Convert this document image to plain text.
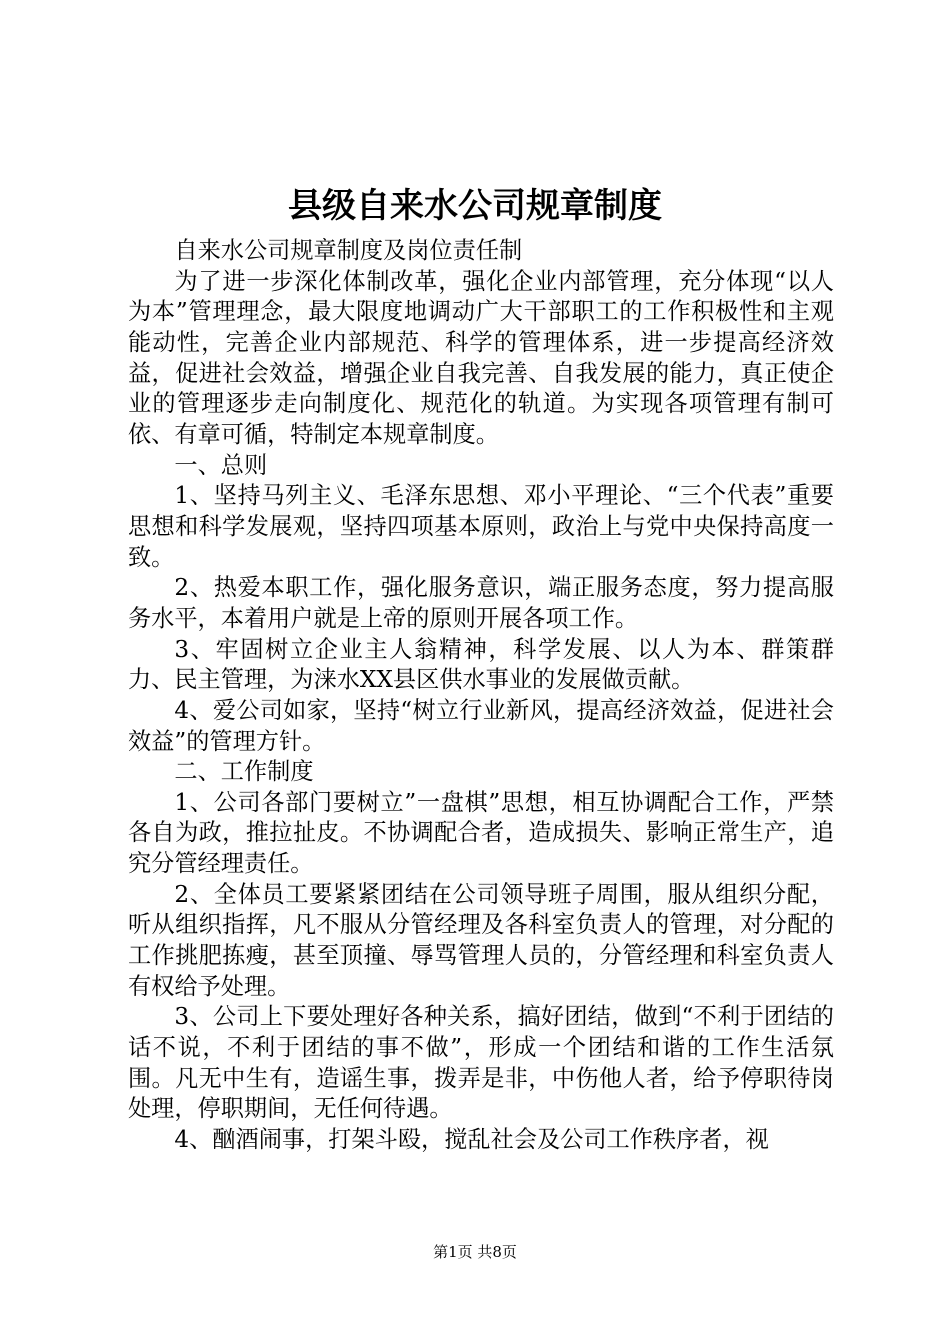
县级自来水公司规章制度

自来水公司规章制度及岗位责任制

为了进一步深化体制改革，强化企业内部管理，充分体现“以人为本”管理理念，最大限度地调动广大干部职工的工作积极性和主观能动性，完善企业内部规范、科学的管理体系，进一步提高经济效益，促进社会效益，增强企业自我完善、自我发展的能力，真正使企业的管理逐步走向制度化、规范化的轨道。为实现各项管理有制可依、有章可循，特制定本规章制度。

一、总则

1、坚持马列主义、毛泽东思想、邓小平理论、“三个代表”重要思想和科学发展观，坚持四项基本原则，政治上与党中央保持高度一致。

2、热爱本职工作，强化服务意识，端正服务态度，努力提高服务水平，本着用户就是上帝的原则开展各项工作。

3、牢固树立企业主人翁精神，科学发展、以人为本、群策群力、民主管理，为涞水XX县区供水事业的发展做贡献。

4、爱公司如家，坚持“树立行业新风，提高经济效益，促进社会效益”的管理方针。

二、工作制度

1、公司各部门要树立”一盘棋”思想，相互协调配合工作，严禁各自为政，推拉扯皮。不协调配合者，造成损失、影响正常生产，追究分管经理责任。

2、全体员工要紧紧团结在公司领导班子周围，服从组织分配，听从组织指挥，凡不服从分管经理及各科室负责人的管理，对分配的工作挑肥拣瘦，甚至顶撞、辱骂管理人员的，分管经理和科室负责人有权给予处理。

3、公司上下要处理好各种关系，搞好团结，做到“不利于团结的话不说，不利于团结的事不做”，形成一个团结和谐的工作生活氛围。凡无中生有，造谣生事，拨弄是非，中伤他人者，给予停职待岗处理，停职期间，无任何待遇。

4、酗酒闹事，打架斗殴，搅乱社会及公司工作秩序者，视

第1页 共8页
